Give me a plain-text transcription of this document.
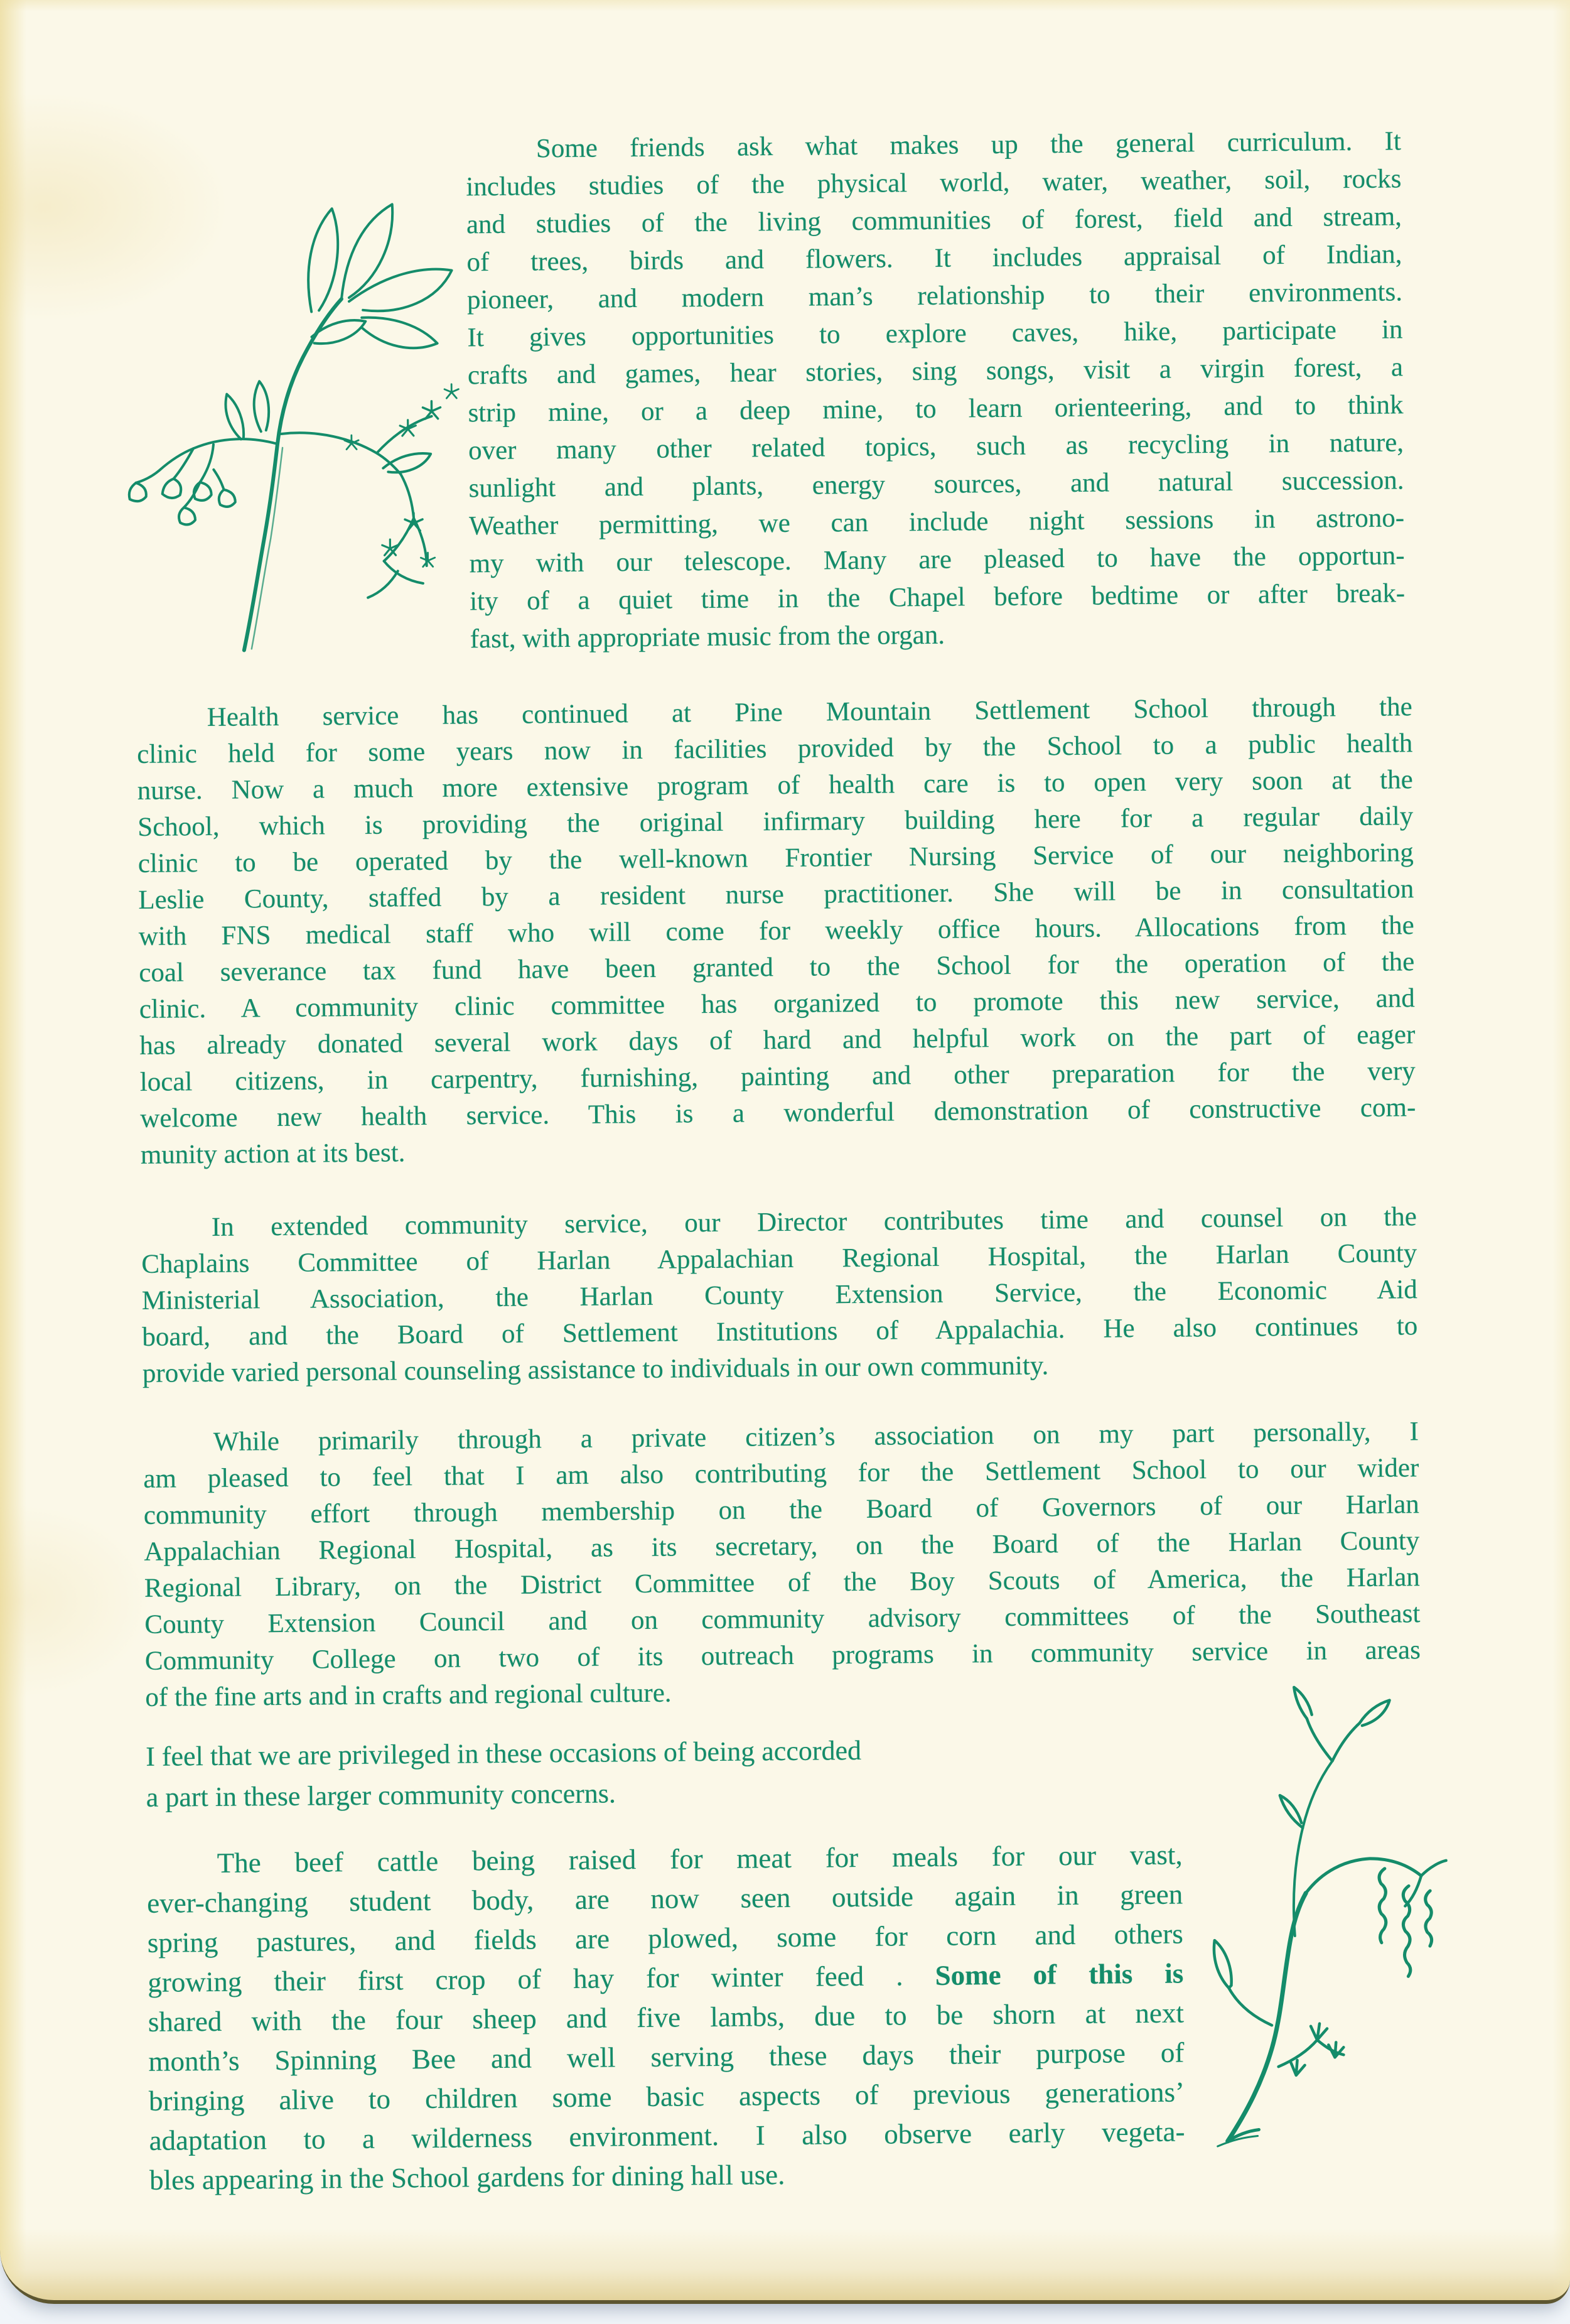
Some friends ask what makes up the general curriculum. It
includes studies of the physical world, water, weather, soil, rocks
and studies of the living communities of forest, field and stream,
of trees, birds and flowers. It includes appraisal of Indian,
pioneer, and modern man’s relationship to their environments.
It gives opportunities to explore caves, hike, participate in
crafts and games, hear stories, sing songs, visit a virgin forest, a
strip mine, or a deep mine, to learn orienteering, and to think
over many other related topics, such as recycling in nature,
sunlight and plants, energy sources, and natural succession.
Weather permitting, we can include night sessions in astrono-
my with our telescope. Many are pleased to have the opportun-
ity of a quiet time in the Chapel before bedtime or after break-
fast, with appropriate music from the organ.
Health service has continued at Pine Mountain Settlement School through the
clinic held for some years now in facilities provided by the School to a public health
nurse. Now a much more extensive program of health care is to open very soon at the
School, which is providing the original infirmary building here for a regular daily
clinic to be operated by the well-known Frontier Nursing Service of our neighboring
Leslie County, staffed by a resident nurse practitioner. She will be in consultation
with FNS medical staff who will come for weekly office hours. Allocations from the
coal severance tax fund have been granted to the School for the operation of the
clinic. A community clinic committee has organized to promote this new service, and
has already donated several work days of hard and helpful work on the part of eager
local citizens, in carpentry, furnishing, painting and other preparation for the very
welcome new health service. This is a wonderful demonstration of constructive com-
munity action at its best.
In extended community service, our Director contributes time and counsel on the
Chaplains Committee of Harlan Appalachian Regional Hospital, the Harlan County
Ministerial Association, the Harlan County Extension Service, the Economic Aid
board, and the Board of Settlement Institutions of Appalachia. He also continues to
provide varied personal counseling assistance to individuals in our own community.
While primarily through a private citizen’s association on my part personally, I
am pleased to feel that I am also contributing for the Settlement School to our wider
community effort through membership on the Board of Governors of our Harlan
Appalachian Regional Hospital, as its secretary, on the Board of the Harlan County
Regional Library, on the District Committee of the Boy Scouts of America, the Harlan
County Extension Council and on community advisory committees of the Southeast
Community College on two of its outreach programs in community service in areas
of the fine arts and in crafts and regional culture.
I feel that we are privileged in these occasions of being accorded
a part in these larger community concerns.
The beef cattle being raised for meat for meals for our vast,
ever-changing student body, are now seen outside again in green
spring pastures, and fields are plowed, some for corn and others
growing their first crop of hay for winter feed . Some of this is
shared with the four sheep and five lambs, due to be shorn at next
month’s Spinning Bee and well serving these days their purpose of
bringing alive to children some basic aspects of previous generations’
adaptation to a wilderness environment. I also observe early vegeta-
bles appearing in the School gardens for dining hall use.
